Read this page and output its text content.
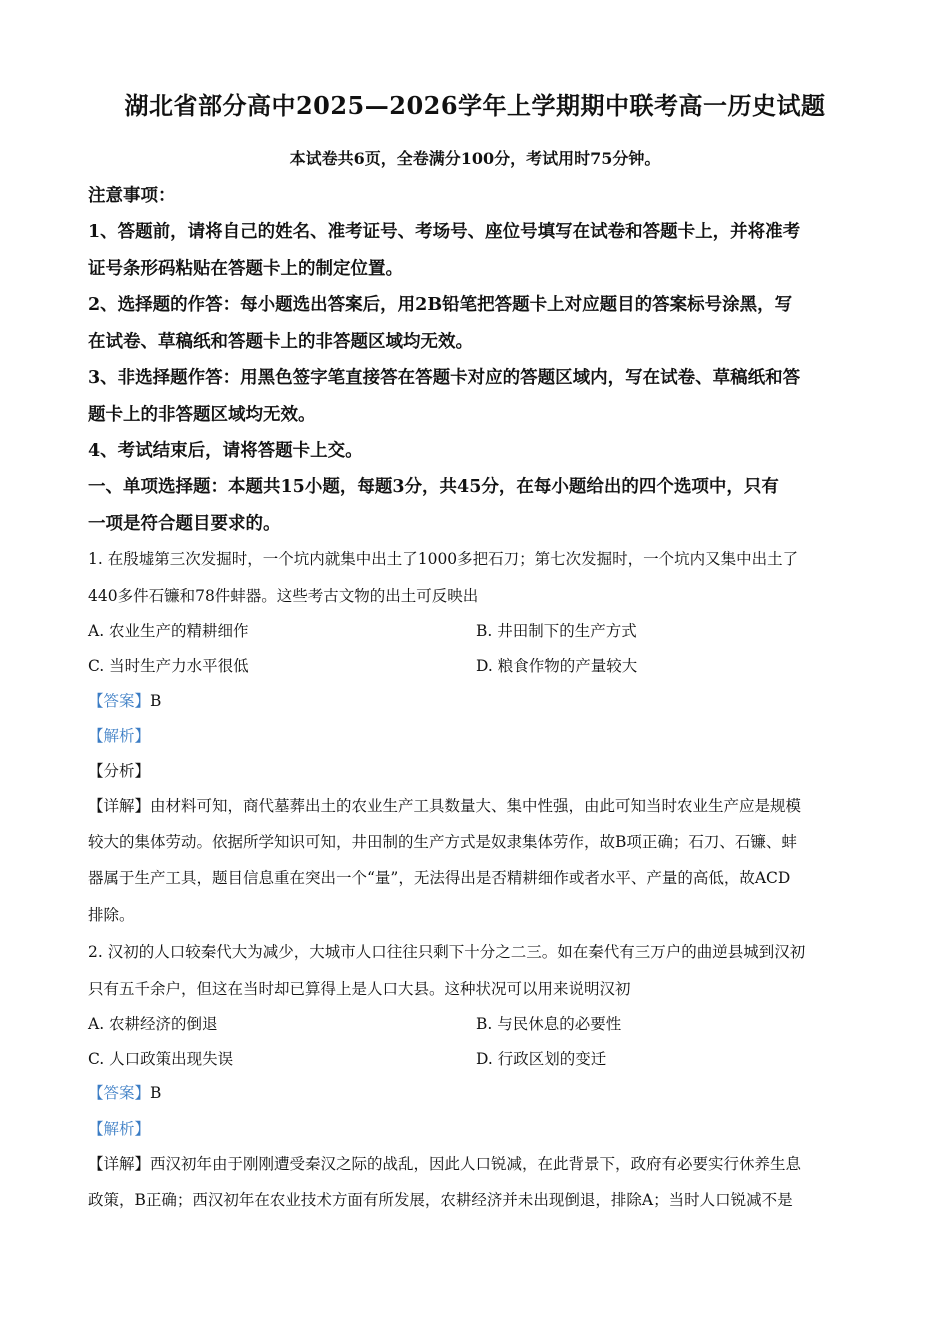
湖北省部分高中2025—2026学年上学期期中联考高一历史试题
本试卷共6页，全卷满分100分，考试用时75分钟。
注意事项：
1、答题前，请将自己的姓名、准考证号、考场号、座位号填写在试卷和答题卡上，并将准考
证号条形码粘贴在答题卡上的制定位置。
2、选择题的作答：每小题选出答案后，用2B铅笔把答题卡上对应题目的答案标号涂黑，写
在试卷、草稿纸和答题卡上的非答题区域均无效。
3、非选择题作答：用黑色签字笔直接答在答题卡对应的答题区域内，写在试卷、草稿纸和答
题卡上的非答题区域均无效。
4、考试结束后，请将答题卡上交。
一、单项选择题：本题共15小题，每题3分，共45分，在每小题给出的四个选项中，只有
一项是符合题目要求的。
1. 在殷墟第三次发掘时，一个坑内就集中出土了1000多把石刀；第七次发掘时，一个坑内又集中出土了
440多件石镰和78件蚌器。这些考古文物的出土可反映出
A. 农业生产的精耕细作	B. 井田制下的生产方式
C. 当时生产力水平很低	D. 粮食作物的产量较大
【答案】B
【解析】
【分析】
【详解】由材料可知，商代墓葬出土的农业生产工具数量大、集中性强，由此可知当时农业生产应是规模
较大的集体劳动。依据所学知识可知，井田制的生产方式是奴隶集体劳作，故B项正确；石刀、石镰、蚌
器属于生产工具，题目信息重在突出一个“量”，无法得出是否精耕细作或者水平、产量的高低，故ACD
排除。
2. 汉初的人口较秦代大为减少，大城市人口往往只剩下十分之二三。如在秦代有三万户的曲逆县城到汉初
只有五千余户，但这在当时却已算得上是人口大县。这种状况可以用来说明汉初
A. 农耕经济的倒退	B. 与民休息的必要性
C. 人口政策出现失误	D. 行政区划的变迁
【答案】B
【解析】
【详解】西汉初年由于刚刚遭受秦汉之际的战乱，因此人口锐减，在此背景下，政府有必要实行休养生息
政策，B正确；西汉初年在农业技术方面有所发展，农耕经济并未出现倒退，排除A；当时人口锐减不是
